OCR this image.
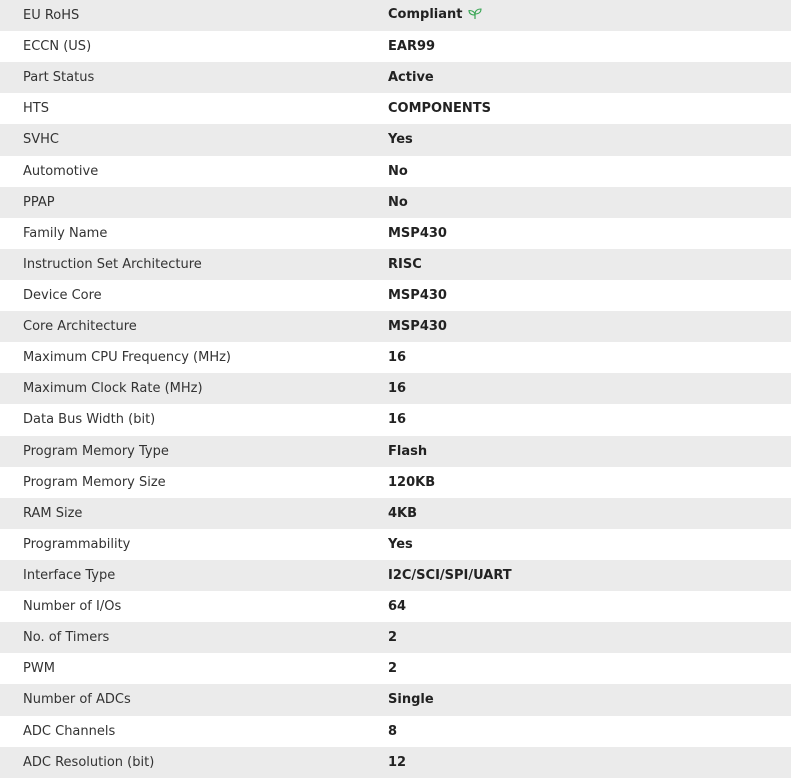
EU RoHS	Compliant
ECCN (US)	EAR99
Part Status	Active
HTS	COMPONENTS
SVHC	Yes
Automotive	No
PPAP	No
Family Name	MSP430
Instruction Set Architecture	RISC
Device Core	MSP430
Core Architecture	MSP430
Maximum CPU Frequency (MHz)	16
Maximum Clock Rate (MHz)	16
Data Bus Width (bit)	16
Program Memory Type	Flash
Program Memory Size	120KB
RAM Size	4KB
Programmability	Yes
Interface Type	I2C/SCI/SPI/UART
Number of I/Os	64
No. of Timers	2
PWM	2
Number of ADCs	Single
ADC Channels	8
ADC Resolution (bit)	12
